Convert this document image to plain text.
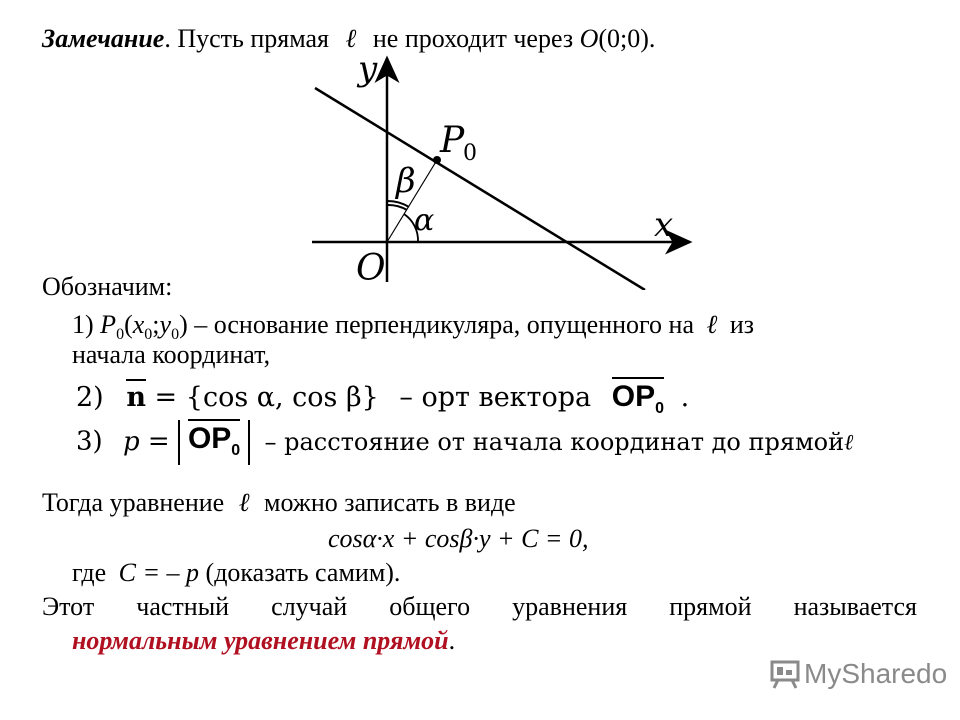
Замечание. Пусть прямая ℓ не проходит через O(0;0).
y
x
O
P
0
β
α
Обозначим:
1) $P_0(x_0;y_0)$ – основание перпендикуляра, опущенного на ℓ из
начала координат,
2) n = {cos α, cos β} – орт вектора $OP_0$ .
3) $p = OP_0$ – расстояние от начала координат до прямойℓ
Тогда уравнение ℓ можно записать в виде
cosα·x + cosβ·y + C = 0,
где C = – p (доказать самим).
Этот частный случай общего уравнения прямой называется
нормальным уравнением прямой.
MySharedo
